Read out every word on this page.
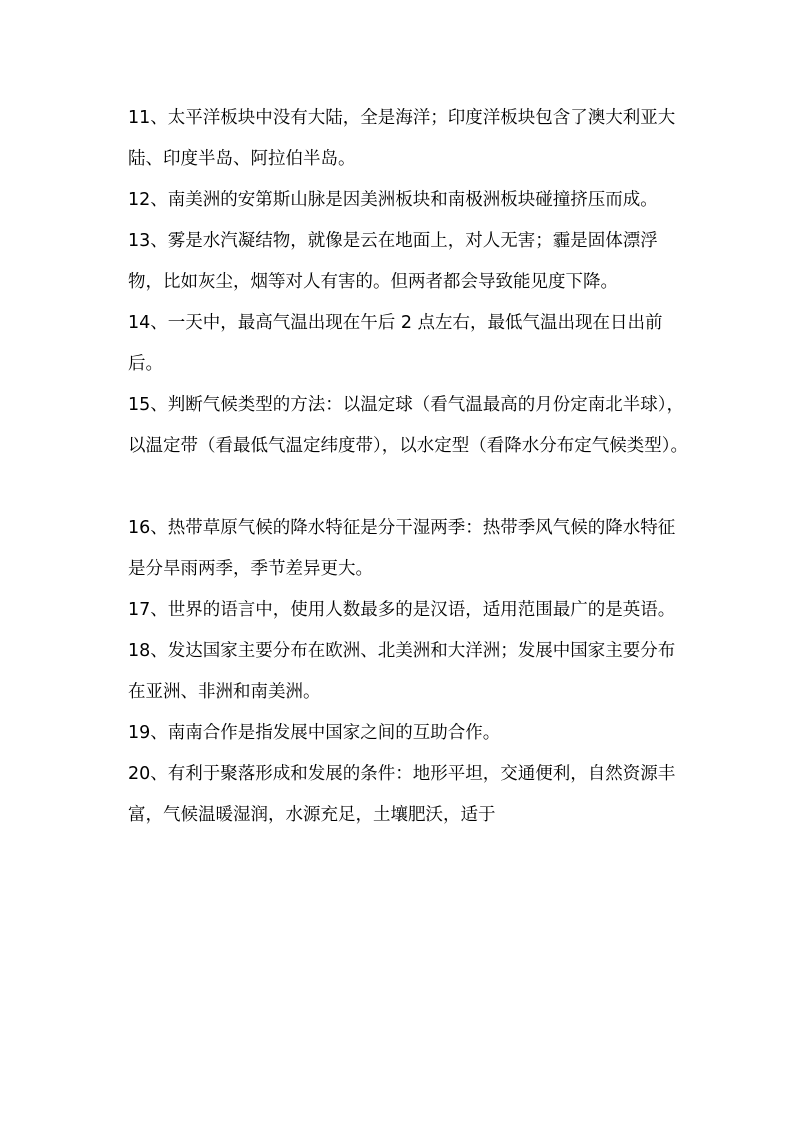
11、太平洋板块中没有大陆，全是海洋；印度洋板块包含了澳大利亚大陆、印度半岛、阿拉伯半岛。

12、南美洲的安第斯山脉是因美洲板块和南极洲板块碰撞挤压而成。

13、雾是水汽凝结物，就像是云在地面上，对人无害；霾是固体漂浮物，比如灰尘，烟等对人有害的。但两者都会导致能见度下降。

14、一天中，最高气温出现在午后 2 点左右，最低气温出现在日出前后。

15、判断气候类型的方法：以温定球（看气温最高的月份定南北半球），以温定带（看最低气温定纬度带），以水定型（看降水分布定气候类型）。

16、热带草原气候的降水特征是分干湿两季：热带季风气候的降水特征是分旱雨两季，季节差异更大。

17、世界的语言中，使用人数最多的是汉语，适用范围最广的是英语。

18、发达国家主要分布在欧洲、北美洲和大洋洲；发展中国家主要分布在亚洲、非洲和南美洲。

19、南南合作是指发展中国家之间的互助合作。

20、有利于聚落形成和发展的条件：地形平坦，交通便利，自然资源丰富，气候温暖湿润，水源充足，土壤肥沃，适于
